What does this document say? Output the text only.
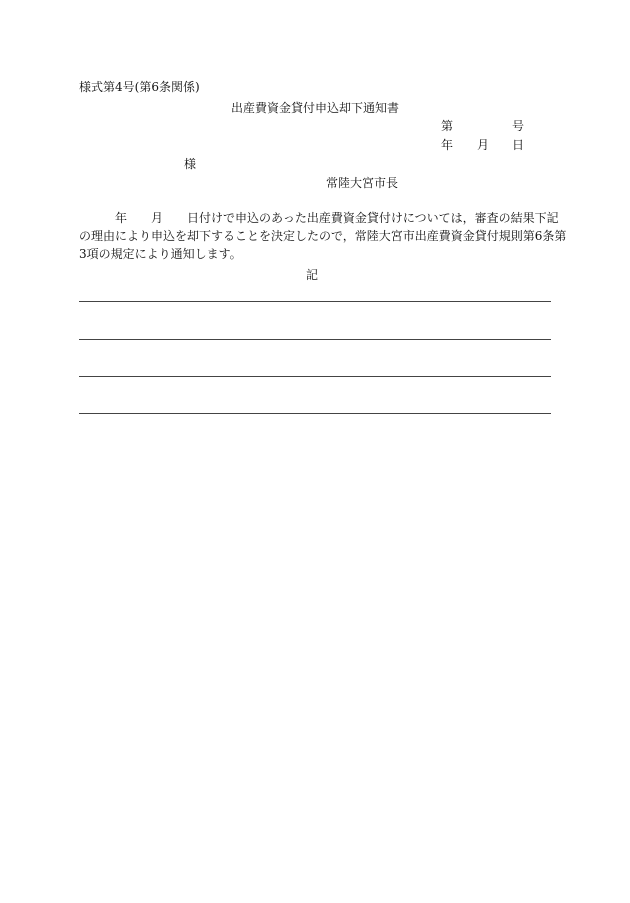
様式第4号(第6条関係)
出産費資金貸付申込却下通知書
第	号
年 月 日
様
常陸大宮市長
年 月 日付けで申込のあった出産費資金貸付けについては，審査の結果下記
の理由により申込を却下することを決定したので，常陸大宮市出産費資金貸付規則第6条第
3項の規定により通知します。
記
